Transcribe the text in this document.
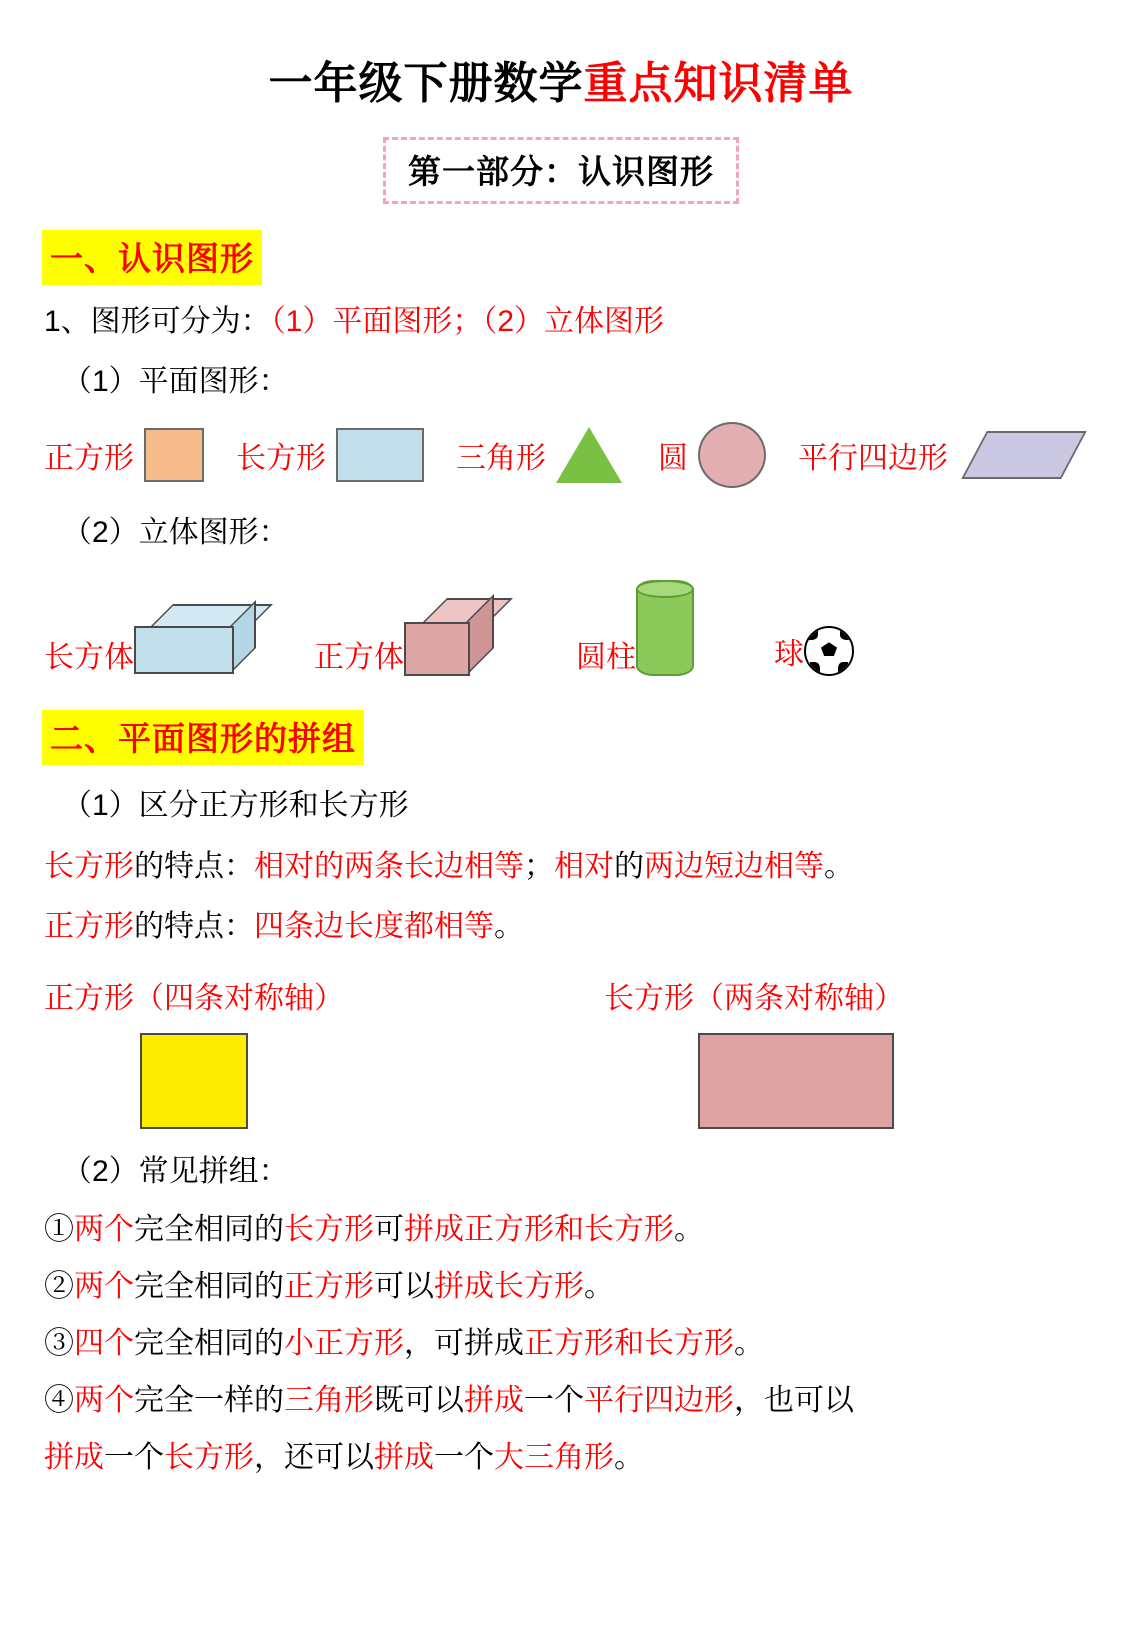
一年级下册数学重点知识清单
第一部分：认识图形
一、认识图形
1、图形可分为：（1）平面图形；（2）立体图形
（1）平面图形：
正方形	长方形	三角形	圆	平行四边形
（2）立体图形：
长方体	正方体	圆柱	球
二、平面图形的拼组
（1）区分正方形和长方形
长方形的特点：相对的两条长边相等；相对的两边短边相等。
正方形的特点：四条边长度都相等。
正方形（四条对称轴）	长方形（两条对称轴）
（2）常见拼组：
①两个完全相同的长方形可拼成正方形和长方形。
②两个完全相同的正方形可以拼成长方形。
③四个完全相同的小正方形，可拼成正方形和长方形。
④两个完全一样的三角形既可以拼成一个平行四边形，也可以
拼成一个长方形，还可以拼成一个大三角形。
